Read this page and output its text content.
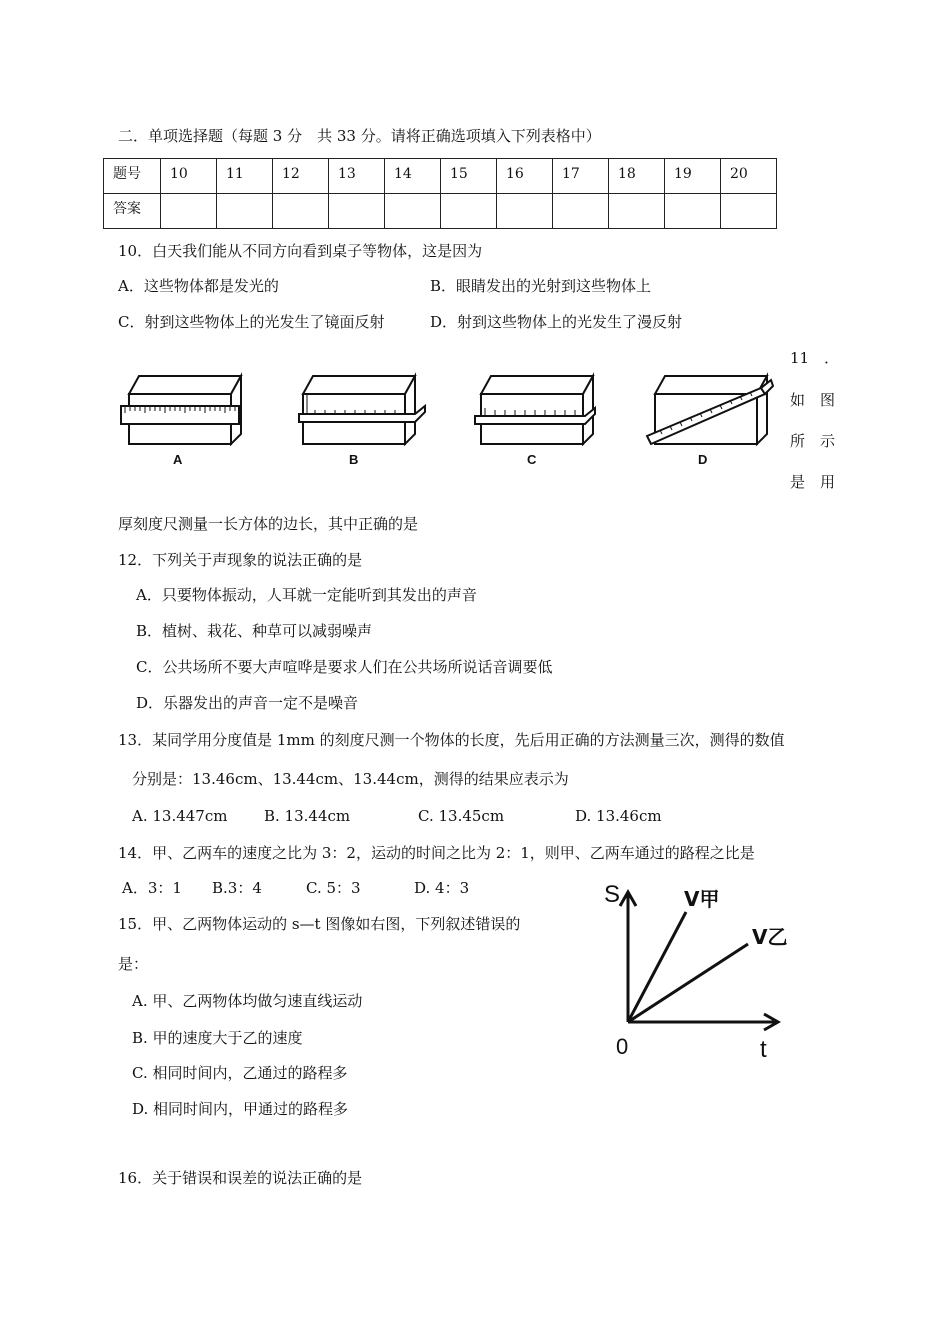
二．单项选择题（每题 3 分　共 33 分。请将正确选项填入下列表格中）
题号	10	11	12	13	14	15	16	17	18	19	20
答案											
10．白天我们能从不同方向看到桌子等物体，这是因为
A．这些物体都是发光的	B．眼睛发出的光射到这些物体上
C．射到这些物体上的光发生了镜面反射	D．射到这些物体上的光发生了漫反射
A	B	C	D
11　．
如　图
所　示
是　用
厚刻度尺测量一长方体的边长，其中正确的是
12．下列关于声现象的说法正确的是
A．只要物体振动，人耳就一定能听到其发出的声音
B．植树、栽花、种草可以减弱噪声
C．公共场所不要大声喧哗是要求人们在公共场所说话音调要低
D．乐器发出的声音一定不是噪音
13．某同学用分度值是 1mm 的刻度尺测一个物体的长度，先后用正确的方法测量三次，测得的数值
分别是：13.46cm、13.44cm、13.44cm，测得的结果应表示为
A. 13.447cm B. 13.44cm	C. 13.45cm	D. 13.46cm
14．甲、乙两车的速度之比为 3：2，运动的时间之比为 2：1，则甲、乙两车通过的路程之比是
A．3：1 B.3：4	C. 5：3	D. 4：3
15．甲、乙两物体运动的 s—t 图像如右图，下列叙述错误的
是：
A. 甲、乙两物体均做匀速直线运动
B. 甲的速度大于乙的速度
C. 相同时间内，乙通过的路程多
D. 相同时间内，甲通过的路程多
S
t
0
V甲
V乙
16．关于错误和误差的说法正确的是
